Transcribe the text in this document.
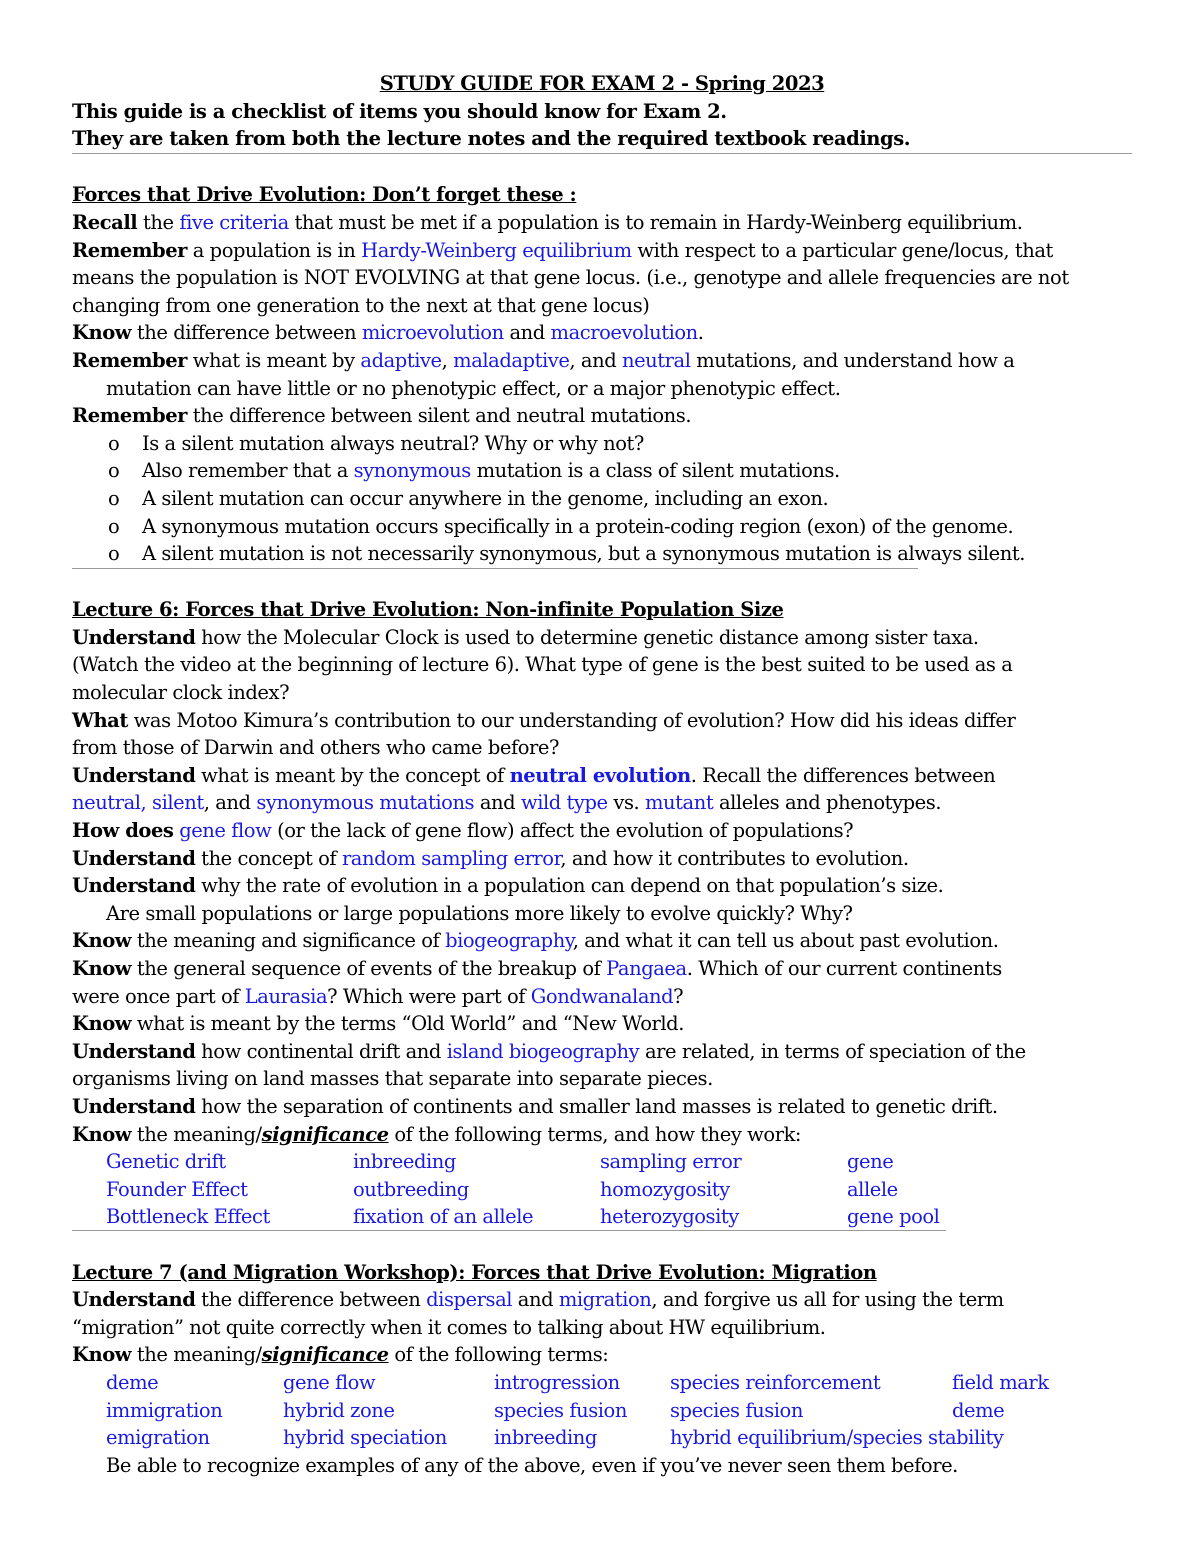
STUDY GUIDE FOR EXAM 2 - Spring 2023
This guide is a checklist of items you should know for Exam 2.
They are taken from both the lecture notes and the required textbook readings.
Forces that Drive Evolution: Don’t forget these :
Recall the five criteria that must be met if a population is to remain in Hardy-Weinberg equilibrium.
Remember a population is in Hardy-Weinberg equilibrium with respect to a particular gene/locus, that
means the population is NOT EVOLVING at that gene locus. (i.e., genotype and allele frequencies are not
changing from one generation to the next at that gene locus)
Know the difference between microevolution and macroevolution.
Remember what is meant by adaptive, maladaptive, and neutral mutations, and understand how a
mutation can have little or no phenotypic effect, or a major phenotypic effect.
Remember the difference between silent and neutral mutations.
o Is a silent mutation always neutral? Why or why not?
o Also remember that a synonymous mutation is a class of silent mutations.
o A silent mutation can occur anywhere in the genome, including an exon.
o A synonymous mutation occurs specifically in a protein-coding region (exon) of the genome.
o A silent mutation is not necessarily synonymous, but a synonymous mutation is always silent.
Lecture 6: Forces that Drive Evolution: Non-infinite Population Size
Understand how the Molecular Clock is used to determine genetic distance among sister taxa.
(Watch the video at the beginning of lecture 6). What type of gene is the best suited to be used as a
molecular clock index?
What was Motoo Kimura’s contribution to our understanding of evolution? How did his ideas differ
from those of Darwin and others who came before?
Understand what is meant by the concept of neutral evolution. Recall the differences between
neutral, silent, and synonymous mutations and wild type vs. mutant alleles and phenotypes.
How does gene flow (or the lack of gene flow) affect the evolution of populations?
Understand the concept of random sampling error, and how it contributes to evolution.
Understand why the rate of evolution in a population can depend on that population’s size.
Are small populations or large populations more likely to evolve quickly? Why?
Know the meaning and significance of biogeography, and what it can tell us about past evolution.
Know the general sequence of events of the breakup of Pangaea. Which of our current continents
were once part of Laurasia? Which were part of Gondwanaland?
Know what is meant by the terms “Old World” and “New World.
Understand how continental drift and island biogeography are related, in terms of speciation of the
organisms living on land masses that separate into separate pieces.
Understand how the separation of continents and smaller land masses is related to genetic drift.
Know the meaning/significance of the following terms, and how they work:
Genetic drift	inbreeding	sampling error	gene
Founder Effect	outbreeding	homozygosity	allele
Bottleneck Effect	fixation of an allele	heterozygosity	gene pool
Lecture 7 (and Migration Workshop): Forces that Drive Evolution: Migration
Understand the difference between dispersal and migration, and forgive us all for using the term
“migration” not quite correctly when it comes to talking about HW equilibrium.
Know the meaning/significance of the following terms:
deme	gene flow	introgression	species reinforcement	field mark
immigration	hybrid zone	species fusion	species fusion	deme
emigration	hybrid speciation	inbreeding	hybrid equilibrium/species stability
Be able to recognize examples of any of the above, even if you’ve never seen them before.
